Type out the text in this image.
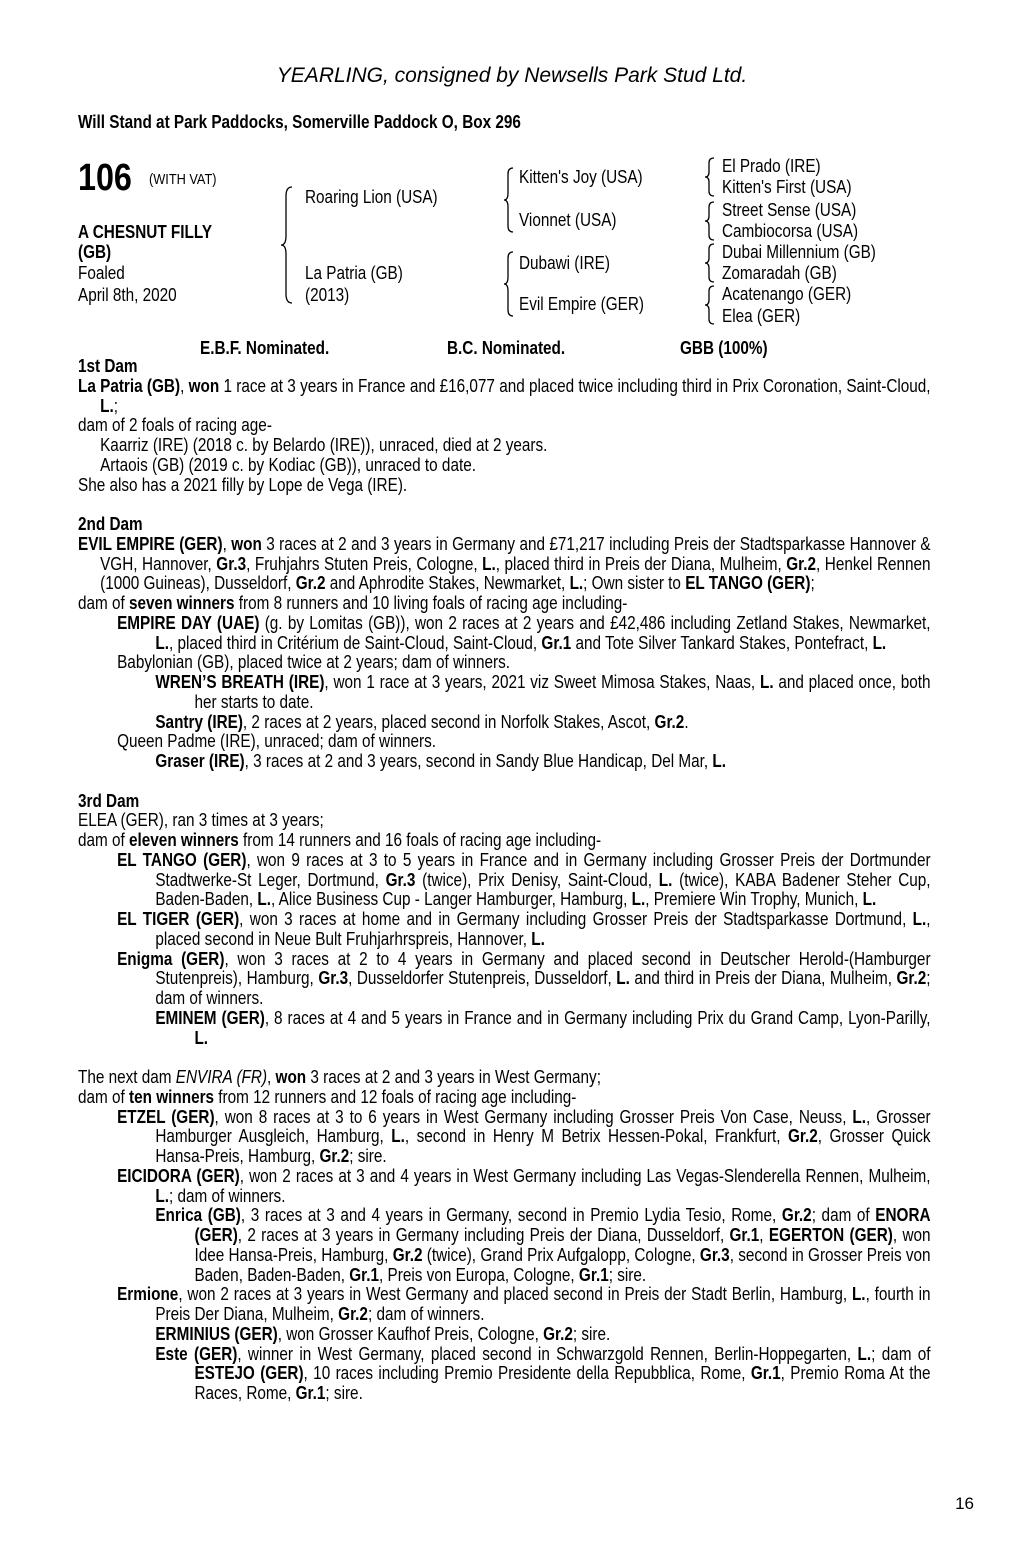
YEARLING, consigned by Newsells Park Stud Ltd.
Will Stand at Park Paddocks, Somerville Paddock O, Box 296
106 (WITH VAT)
A CHESNUT FILLY
(GB)
Foaled
April 8th, 2020
Roaring Lion (USA)
La Patria (GB)
(2013)
Kitten's Joy (USA)
Vionnet (USA)
Dubawi (IRE)
Evil Empire (GER)
El Prado (IRE)
Kitten's First (USA)
Street Sense (USA)
Cambiocorsa (USA)
Dubai Millennium (GB)
Zomaradah (GB)
Acatenango (GER)
Elea (GER)
E.B.F. Nominated.	B.C. Nominated.	GBB (100%)
1st Dam
La Patria (GB), won 1 race at 3 years in France and £16,077 and placed twice including third in Prix Coronation, Saint-Cloud, L.;
dam of 2 foals of racing age-
Kaarriz (IRE) (2018 c. by Belardo (IRE)), unraced, died at 2 years.
Artaois (GB) (2019 c. by Kodiac (GB)), unraced to date.
She also has a 2021 filly by Lope de Vega (IRE).
2nd Dam
EVIL EMPIRE (GER), won 3 races at 2 and 3 years in Germany and £71,217 including Preis der Stadtsparkasse Hannover & VGH, Hannover, Gr.3, Fruhjahrs Stuten Preis, Cologne, L., placed third in Preis der Diana, Mulheim, Gr.2, Henkel Rennen (1000 Guineas), Dusseldorf, Gr.2 and Aphrodite Stakes, Newmarket, L.; Own sister to EL TANGO (GER);
dam of seven winners from 8 runners and 10 living foals of racing age including-
EMPIRE DAY (UAE) (g. by Lomitas (GB)), won 2 races at 2 years and £42,486 including Zetland Stakes, Newmarket, L., placed third in Critérium de Saint-Cloud, Saint-Cloud, Gr.1 and Tote Silver Tankard Stakes, Pontefract, L.
Babylonian (GB), placed twice at 2 years; dam of winners.
WREN’S BREATH (IRE), won 1 race at 3 years, 2021 viz Sweet Mimosa Stakes, Naas, L. and placed once, both her starts to date.
Santry (IRE), 2 races at 2 years, placed second in Norfolk Stakes, Ascot, Gr.2.
Queen Padme (IRE), unraced; dam of winners.
Graser (IRE), 3 races at 2 and 3 years, second in Sandy Blue Handicap, Del Mar, L.
3rd Dam
ELEA (GER), ran 3 times at 3 years;
dam of eleven winners from 14 runners and 16 foals of racing age including-
EL TANGO (GER), won 9 races at 3 to 5 years in France and in Germany including Grosser Preis der Dortmunder Stadtwerke-St Leger, Dortmund, Gr.3 (twice), Prix Denisy, Saint-Cloud, L. (twice), KABA Badener Steher Cup, Baden-Baden, L., Alice Business Cup - Langer Hamburger, Hamburg, L., Premiere Win Trophy, Munich, L.
EL TIGER (GER), won 3 races at home and in Germany including Grosser Preis der Stadtsparkasse Dortmund, L., placed second in Neue Bult Fruhjarhrspreis, Hannover, L.
Enigma (GER), won 3 races at 2 to 4 years in Germany and placed second in Deutscher Herold-(Hamburger Stutenpreis), Hamburg, Gr.3, Dusseldorfer Stutenpreis, Dusseldorf, L. and third in Preis der Diana, Mulheim, Gr.2; dam of winners.
EMINEM (GER), 8 races at 4 and 5 years in France and in Germany including Prix du Grand Camp, Lyon-Parilly, L.
The next dam ENVIRA (FR), won 3 races at 2 and 3 years in West Germany;
dam of ten winners from 12 runners and 12 foals of racing age including-
ETZEL (GER), won 8 races at 3 to 6 years in West Germany including Grosser Preis Von Case, Neuss, L., Grosser Hamburger Ausgleich, Hamburg, L., second in Henry M Betrix Hessen-Pokal, Frankfurt, Gr.2, Grosser Quick Hansa-Preis, Hamburg, Gr.2; sire.
EICIDORA (GER), won 2 races at 3 and 4 years in West Germany including Las Vegas-Slenderella Rennen, Mulheim, L.; dam of winners.
Enrica (GB), 3 races at 3 and 4 years in Germany, second in Premio Lydia Tesio, Rome, Gr.2; dam of ENORA (GER), 2 races at 3 years in Germany including Preis der Diana, Dusseldorf, Gr.1, EGERTON (GER), won Idee Hansa-Preis, Hamburg, Gr.2 (twice), Grand Prix Aufgalopp, Cologne, Gr.3, second in Grosser Preis von Baden, Baden-Baden, Gr.1, Preis von Europa, Cologne, Gr.1; sire.
Ermione, won 2 races at 3 years in West Germany and placed second in Preis der Stadt Berlin, Hamburg, L., fourth in Preis Der Diana, Mulheim, Gr.2; dam of winners.
ERMINIUS (GER), won Grosser Kaufhof Preis, Cologne, Gr.2; sire.
Este (GER), winner in West Germany, placed second in Schwarzgold Rennen, Berlin-Hoppegarten, L.; dam of ESTEJO (GER), 10 races including Premio Presidente della Repubblica, Rome, Gr.1, Premio Roma At the Races, Rome, Gr.1; sire.
16
